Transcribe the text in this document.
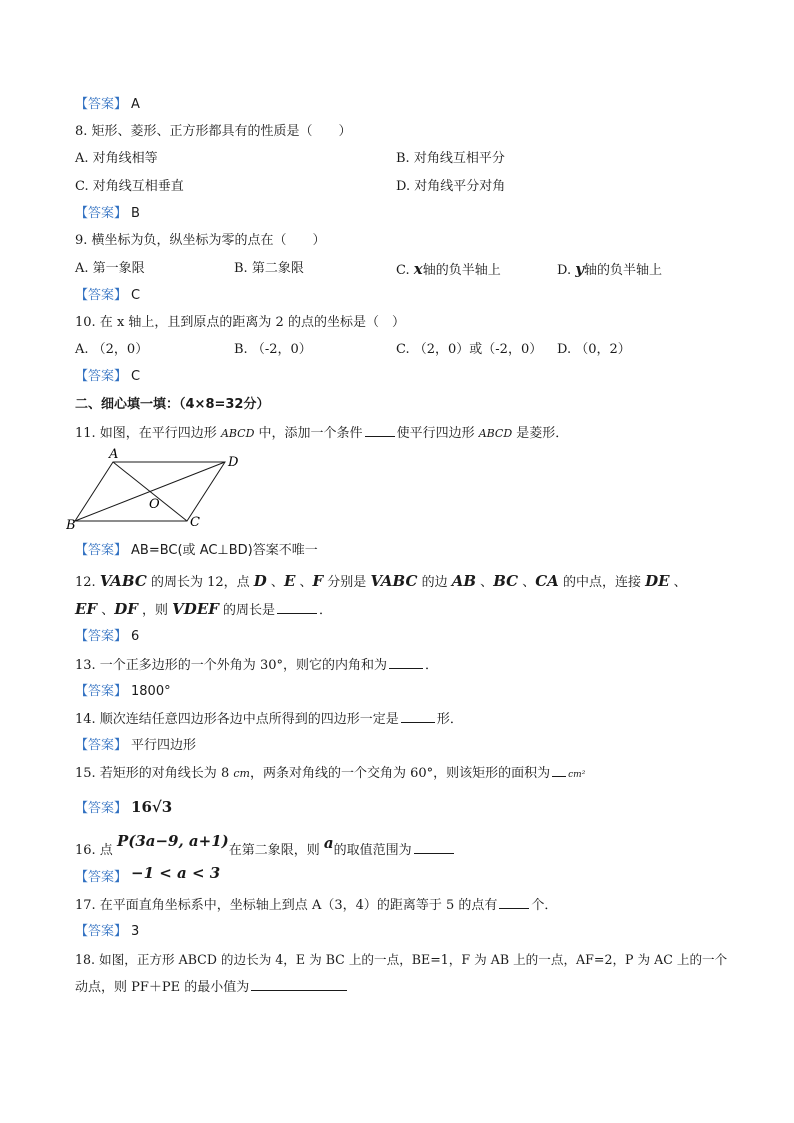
【答案】 A
8. 矩形、菱形、正方形都具有的性质是（　　）
A. 对角线相等	B. 对角线互相平分
C. 对角线互相垂直	D. 对角线平分对角
【答案】 B
9. 横坐标为负，纵坐标为零的点在（　　）
A. 第一象限	B. 第二象限	C. x轴的负半轴上	D. y轴的负半轴上
【答案】 C
10. 在 x 轴上，且到原点的距离为 2 的点的坐标是（　）
A. （2，0）	B. （-2，0）	C. （2，0）或（-2，0） D. （0，2）
【答案】 C
二、细心填一填：（4×8=32分）
11. 如图，在平行四边形 ABCD 中，添加一个条件	使平行四边形 ABCD 是菱形．
A
D
O
B	C
【答案】 AB=BC(或 AC⊥BD)答案不唯一
12. VABC 的周长为 12，点 D 、E 、F 分别是 VABC 的边 AB 、BC 、CA 的中点，连接 DE 、
EF 、DF ，则 VDEF 的周长是	．
【答案】 6
13. 一个正多边形的一个外角为 30°，则它的内角和为	．
【答案】 1800°
14. 顺次连结任意四边形各边中点所得到的四边形一定是	形．
【答案】 平行四边形
15. 若矩形的对角线长为 8 cm，两条对角线的一个交角为 60°，则该矩形的面积为 cm²
【答案】 16√3
16. 点 P(3a−9, a+1)在第二象限，则 a的取值范围为
【答案】 −1 < a < 3
17. 在平面直角坐标系中，坐标轴上到点 A（3，4）的距离等于 5 的点有	个．
【答案】 3
18. 如图，正方形 ABCD 的边长为 4，E 为 BC 上的一点，BE=1，F 为 AB 上的一点，AF=2，P 为 AC 上的一个
动点，则 PF＋PE 的最小值为
